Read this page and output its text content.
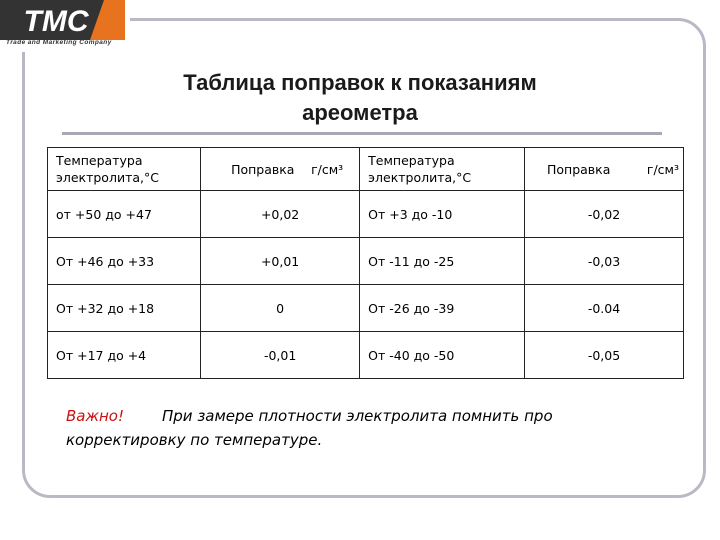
TMC
Trade and Marketing Company
Таблица поправок к показаниям
ареометра
Температура электролита,°С	Поправка г/см³	Температура электролита,°С	Поправка г/см³

от +50 до +47	+0,02	От +3 до -10	-0,02
От +46 до +33	+0,01	От -11 до -25	-0,03
От +32 до +18	0	От -26 до -39	-0.04
От +17 до +4	-0,01	От -40 до -50	-0,05
Важно!	При замере плотности электролита помнить про корректировку по температуре.
